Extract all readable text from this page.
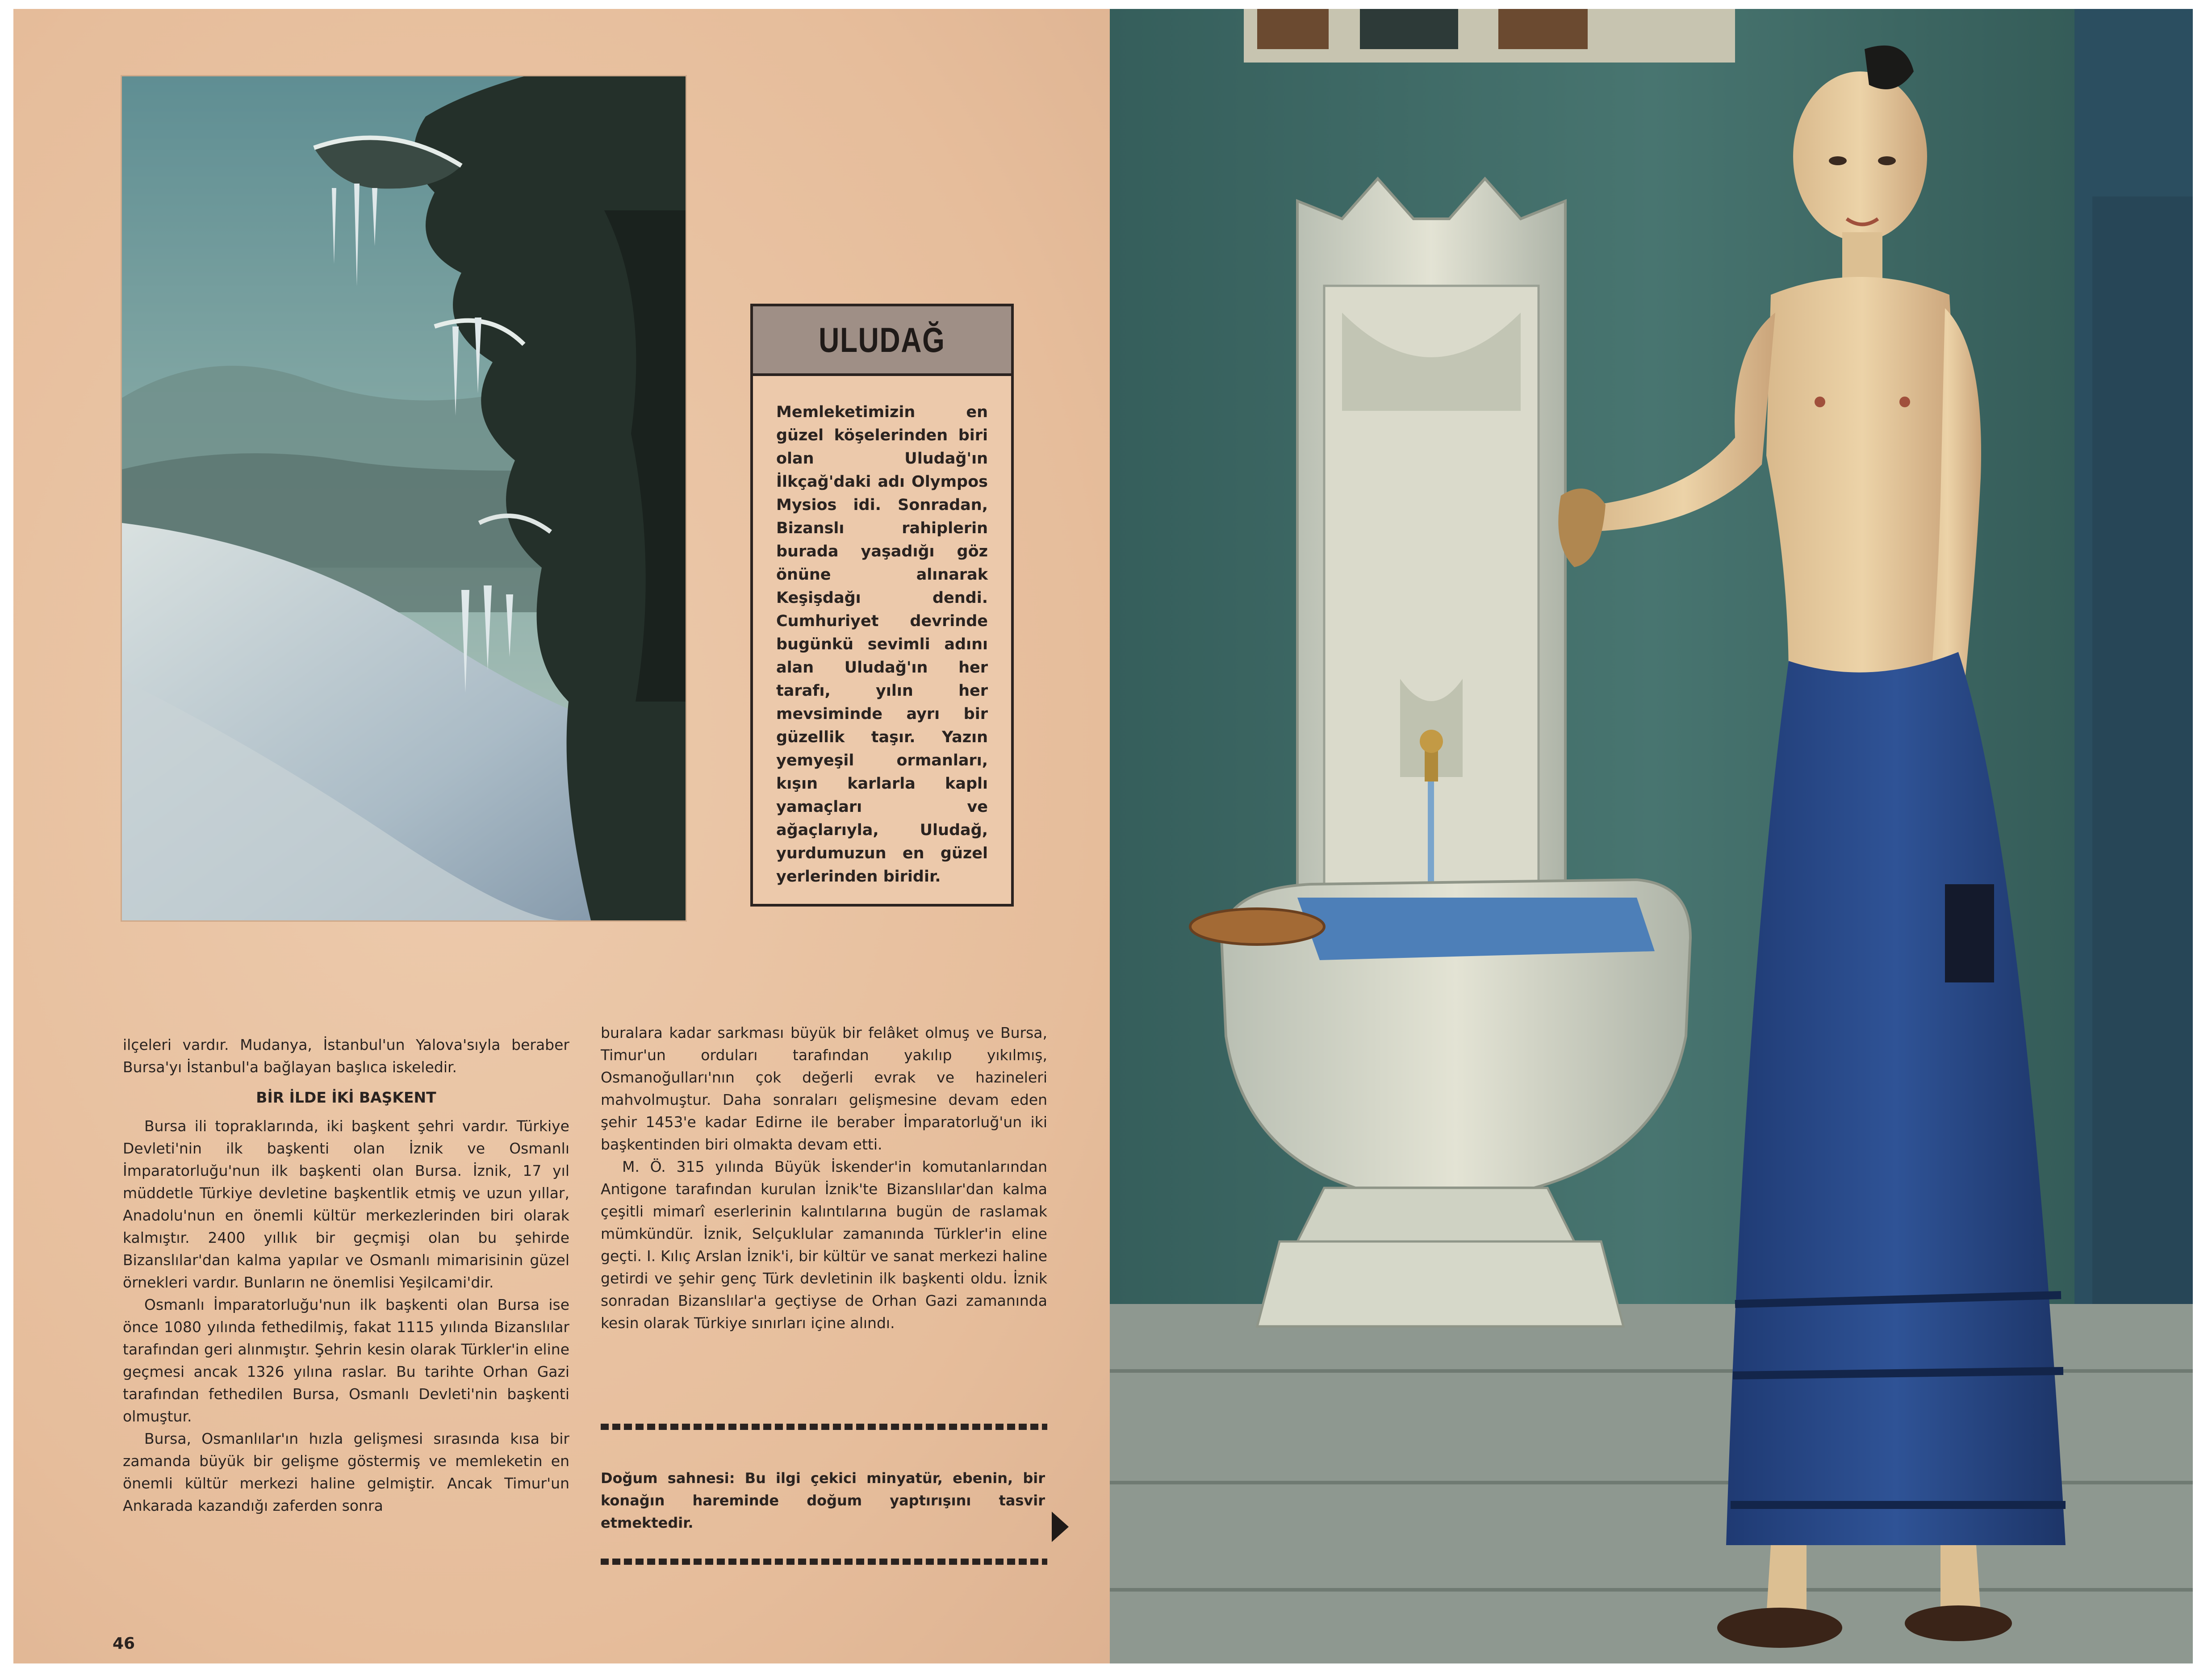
ULUDAĞ
Memleketimizin en güzel köşelerinden biri olan Uludağ'ın İlkçağ'daki adı Olympos Mysios idi. Sonradan, Bizanslı rahiplerin burada yaşadığı göz önüne alınarak Keşişdağı dendi. Cumhuriyet devrinde bugünkü sevimli adını alan Uludağ'ın her tarafı, yılın her mevsiminde ayrı bir güzellik taşır. Yazın yemyeşil ormanları, kışın karlarla kaplı yamaçları ve ağaçlarıyla, Uludağ, yurdumuzun en güzel yerlerinden biridir.

ilçeleri vardır. Mudanya, İstanbul'un Yalova'sıyla beraber Bursa'yı İstanbul'a bağlayan başlıca iskeledir.

BİR İLDE İKİ BAŞKENT

Bursa ili topraklarında, iki başkent şehri vardır. Türkiye Devleti'nin ilk başkenti olan İznik ve Osmanlı İmparatorluğu'nun ilk başkenti olan Bursa. İznik, 17 yıl müddetle Türkiye devletine başkentlik etmiş ve uzun yıllar, Anadolu'nun en önemli kültür merkezlerinden biri olarak kalmıştır. 2400 yıllık bir geçmişi olan bu şehirde Bizanslılar'dan kalma yapılar ve Osmanlı mimarisinin güzel örnekleri vardır. Bunların ne önemlisi Yeşilcami'dir.

Osmanlı İmparatorluğu'nun ilk başkenti olan Bursa ise önce 1080 yılında fethedilmiş, fakat 1115 yılında Bizanslılar tarafından geri alınmıştır. Şehrin kesin olarak Türkler'in eline geçmesi ancak 1326 yılına raslar. Bu tarihte Orhan Gazi tarafından fethedilen Bursa, Osmanlı Devleti'nin başkenti olmuştur.

Bursa, Osmanlılar'ın hızla gelişmesi sırasında kısa bir zamanda büyük bir gelişme göstermiş ve memleketin en önemli kültür merkezi haline gelmiştir. Ancak Timur'un Ankarada kazandığı zaferden sonra

buralara kadar sarkması büyük bir felâket olmuş ve Bursa, Timur'un orduları tarafından yakılıp yıkılmış, Osmanoğulları'nın çok değerli evrak ve hazineleri mahvolmuştur. Daha sonraları gelişmesine devam eden şehir 1453'e kadar Edirne ile beraber İmparatorluğ'un iki başkentinden biri olmakta devam etti.

M. Ö. 315 yılında Büyük İskender'in komutanlarından Antigone tarafından kurulan İznik'te Bizanslılar'dan kalma çeşitli mimarî eserlerinin kalıntılarına bugün de raslamak mümkündür. İznik, Selçuklular zamanında Türkler'in eline geçti. I. Kılıç Arslan İznik'i, bir kültür ve sanat merkezi haline getirdi ve şehir genç Türk devletinin ilk başkenti oldu. İznik sonradan Bizanslılar'a geçtiyse de Orhan Gazi zamanında kesin olarak Türkiye sınırları içine alındı.

Doğum sahnesi: Bu ilgi çekici minyatür, ebenin, bir konağın hareminde doğum yaptırışını tasvir etmektedir.
46
